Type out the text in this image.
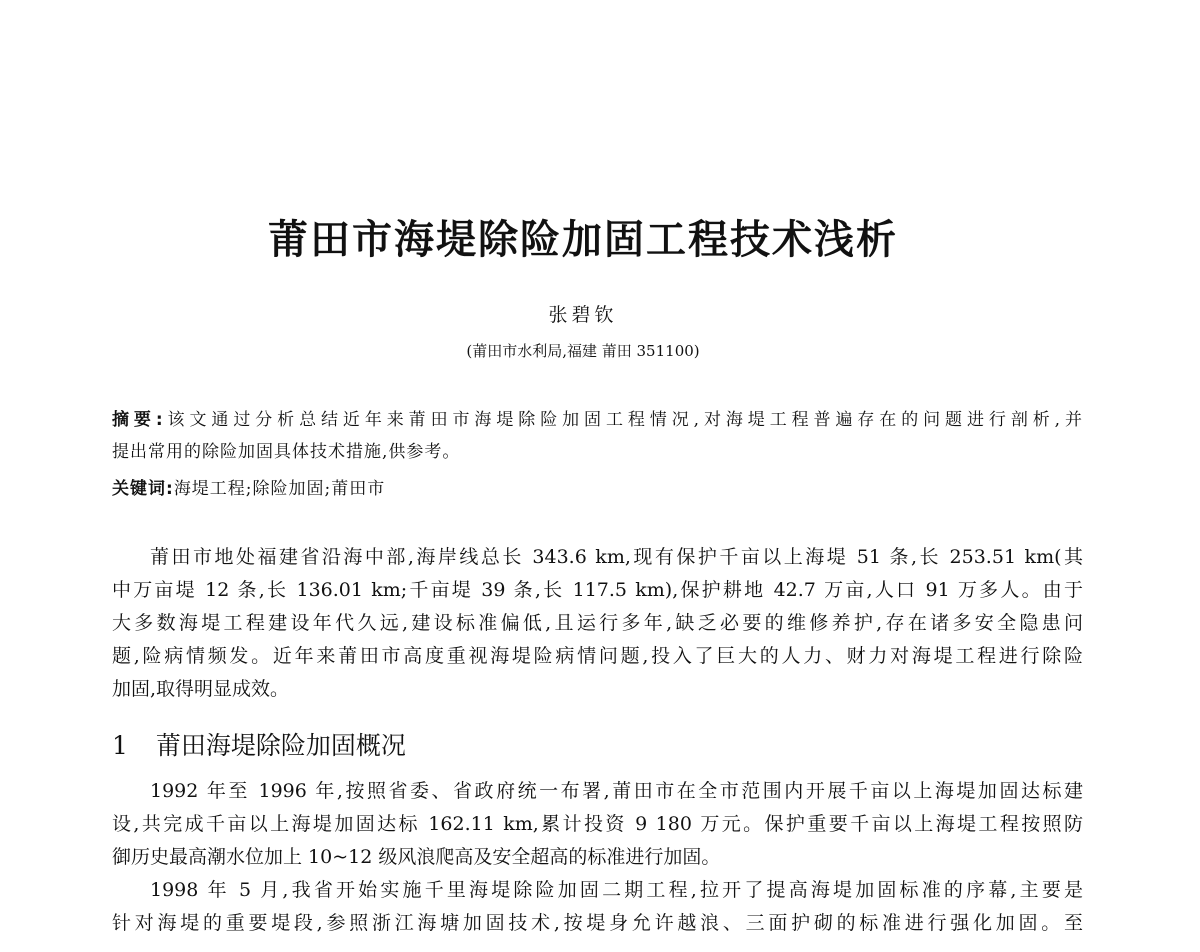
莆田市海堤除险加固工程技术浅析
张碧钦
(莆田市水利局,福建 莆田 351100)
摘要:该文通过分析总结近年来莆田市海堤除险加固工程情况,对海堤工程普遍存在的问题进行剖析,并
提出常用的除险加固具体技术措施,供参考。
关键词:海堤工程;除险加固;莆田市
莆田市地处福建省沿海中部,海岸线总长 343.6 km,现有保护千亩以上海堤 51 条,长 253.51 km(其
中万亩堤 12 条,长 136.01 km;千亩堤 39 条,长 117.5 km),保护耕地 42.7 万亩,人口 91 万多人。由于
大多数海堤工程建设年代久远,建设标准偏低,且运行多年,缺乏必要的维修养护,存在诸多安全隐患问
题,险病情频发。近年来莆田市高度重视海堤险病情问题,投入了巨大的人力、财力对海堤工程进行除险
加固,取得明显成效。
1 莆田海堤除险加固概况
1992 年至 1996 年,按照省委、省政府统一布署,莆田市在全市范围内开展千亩以上海堤加固达标建
设,共完成千亩以上海堤加固达标 162.11 km,累计投资 9 180 万元。保护重要千亩以上海堤工程按照防
御历史最高潮水位加上 10~12 级风浪爬高及安全超高的标准进行加固。
1998 年 5 月,我省开始实施千里海堤除险加固二期工程,拉开了提高海堤加固标准的序幕,主要是
针对海堤的重要堤段,参照浙江海塘加固技术,按堤身允许越浪、三面护砌的标准进行强化加固。至
